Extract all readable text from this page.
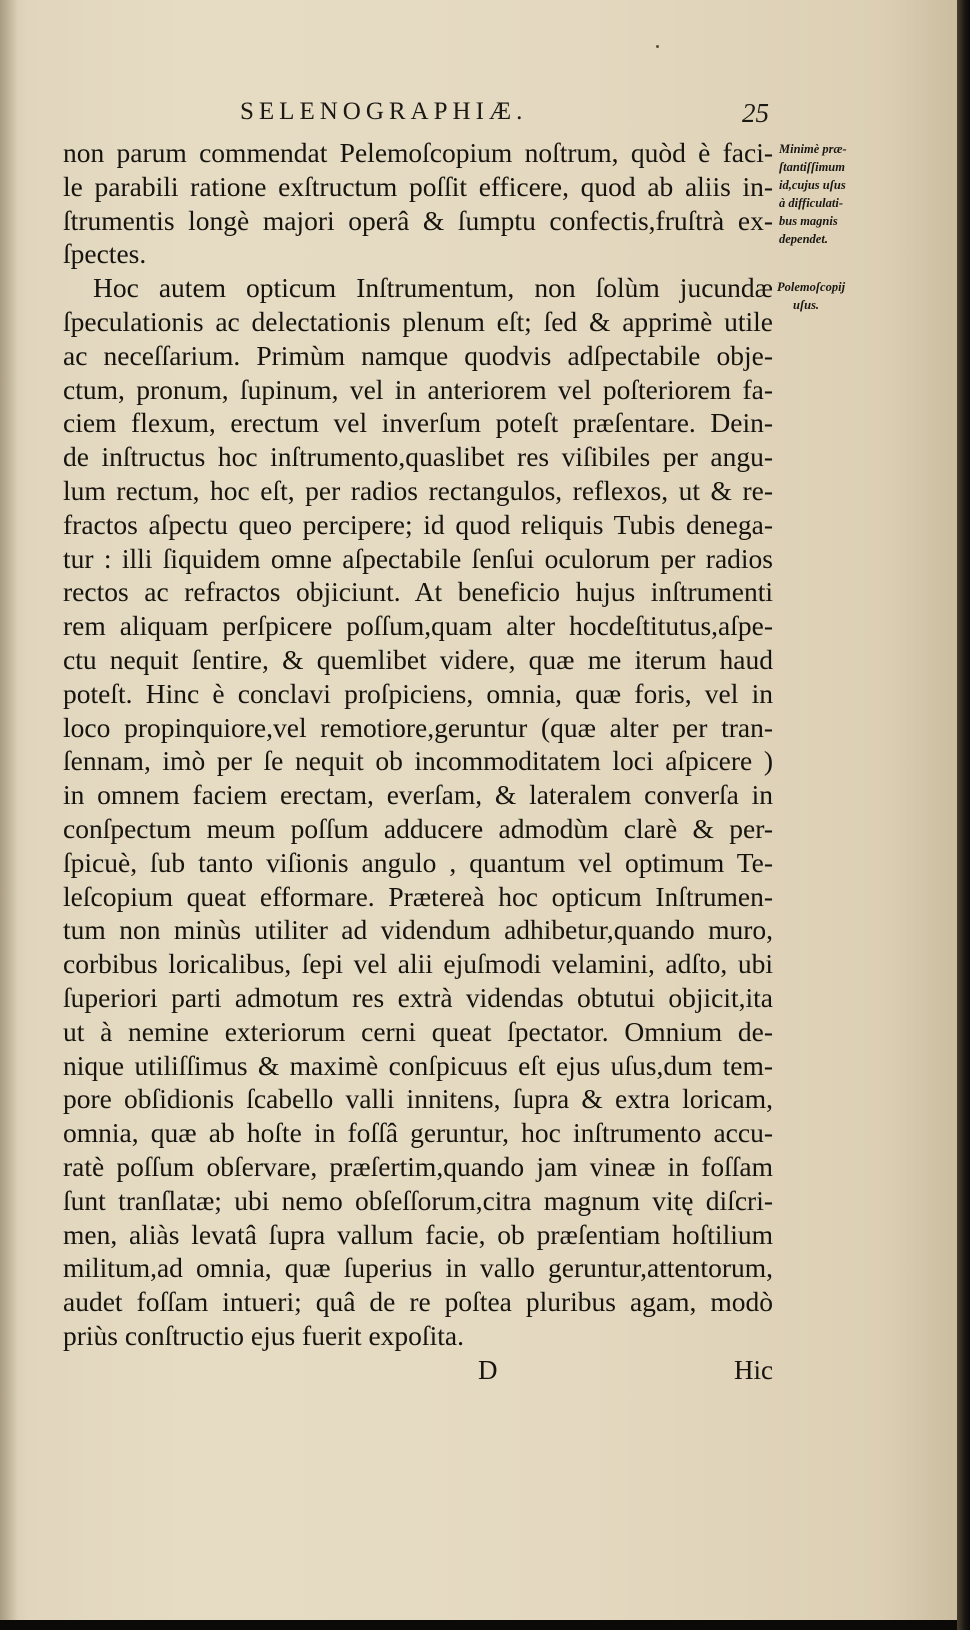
SELENOGRAPHIÆ.	25
non parum commendat Pelemoſcopium noſtrum, quòd è faci-
le parabili ratione exſtructum poſſit efficere, quod ab aliis in-
ſtrumentis longè majori operâ & ſumptu confectis,fruſtrà ex-
ſpectes.
Hoc autem opticum Inſtrumentum, non ſolùm jucundæ
ſpeculationis ac delectationis plenum eſt; ſed & apprimè utile
ac neceſſarium. Primùm namque quodvis adſpectabile obje-
ctum, pronum, ſupinum, vel in anteriorem vel poſteriorem fa-
ciem flexum, erectum vel inverſum poteſt præſentare. Dein-
de inſtructus hoc inſtrumento,quaslibet res viſibiles per angu-
lum rectum, hoc eſt, per radios rectangulos, reflexos, ut & re-
fractos aſpectu queo percipere; id quod reliquis Tubis denega-
tur : illi ſiquidem omne aſpectabile ſenſui oculorum per radios
rectos ac refractos objiciunt. At beneficio hujus inſtrumenti
rem aliquam perſpicere poſſum,quam alter hocdeſtitutus,aſpe-
ctu nequit ſentire, & quemlibet videre, quæ me iterum haud
poteſt. Hinc è conclavi proſpiciens, omnia, quæ foris, vel in
loco propinquiore,vel remotiore,geruntur (quæ alter per tran-
ſennam, imò per ſe nequit ob incommoditatem loci aſpicere )
in omnem faciem erectam, everſam, & lateralem converſa in
conſpectum meum poſſum adducere admodùm clarè & per-
ſpicuè, ſub tanto viſionis angulo , quantum vel optimum Te-
leſcopium queat efformare. Prætereà hoc opticum Inſtrumen-
tum non minùs utiliter ad videndum adhibetur,quando muro,
corbibus loricalibus, ſepi vel alii ejuſmodi velamini, adſto, ubi
ſuperiori parti admotum res extrà videndas obtutui objicit,ita
ut à nemine exteriorum cerni queat ſpectator. Omnium de-
nique utiliſſimus & maximè conſpicuus eſt ejus uſus,dum tem-
pore obſidionis ſcabello valli innitens, ſupra & extra loricam,
omnia, quæ ab hoſte in foſſâ geruntur, hoc inſtrumento accu-
ratè poſſum obſervare, præſertim,quando jam vineæ in foſſam
ſunt tranſlatæ; ubi nemo obſeſſorum,citra magnum vitę diſcri-
men, aliàs levatâ ſupra vallum facie, ob præſentiam hoſtilium
militum,ad omnia, quæ ſuperius in vallo geruntur,attentorum,
audet foſſam intueri; quâ de re poſtea pluribus agam, modò
priùs conſtructio ejus fuerit expoſita.
Minimè præ-
ſtantiſſimum
id,cujus uſus
à difficulati-
bus magnis
dependet.
Polemoſcopij
uſus.
D	Hic
